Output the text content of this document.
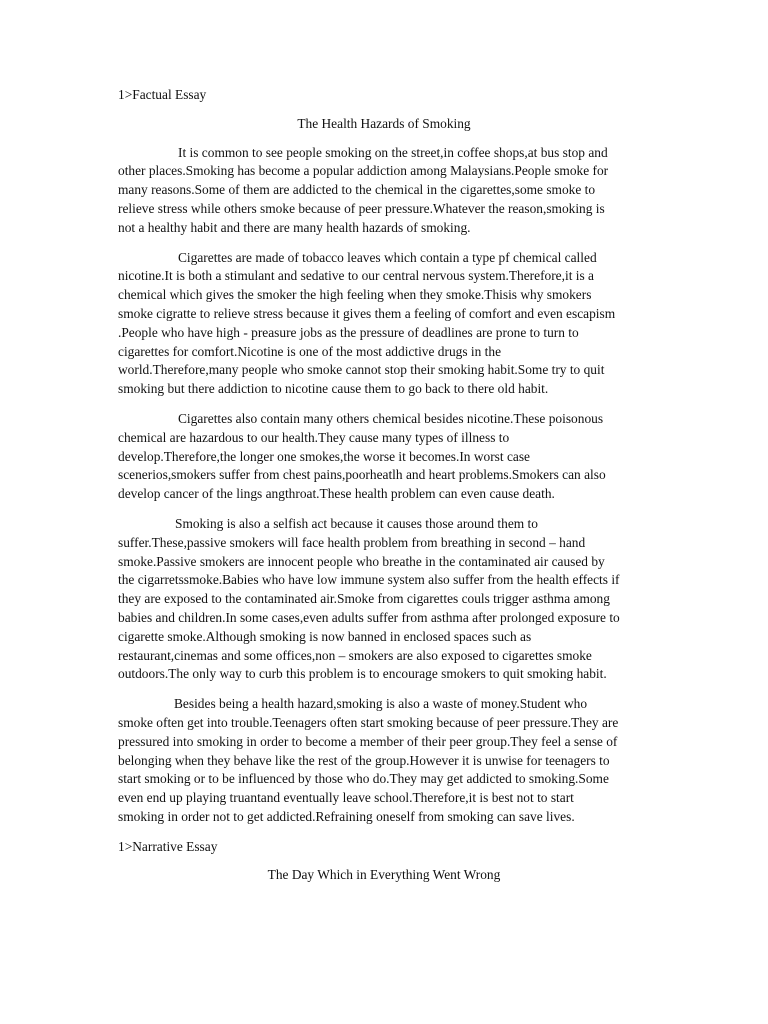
1>Factual Essay

The Health Hazards of Smoking

It is common to see people smoking on the street,in coffee shops,at bus stop and
other places.Smoking has become a popular addiction among Malaysians.People smoke for
many reasons.Some of them are addicted to the chemical in the cigarettes,some smoke to
relieve stress while others smoke because of peer pressure.Whatever the reason,smoking is
not a healthy habit and there are many health hazards of smoking.
Cigarettes are made of tobacco leaves which contain a type pf chemical called
nicotine.It is both a stimulant and sedative to our central nervous system.Therefore,it is a
chemical which gives the smoker the high feeling when they smoke.Thisis why smokers
smoke cigratte to relieve stress because it gives them a feeling of comfort and even escapism
.People who have high - preasure jobs as the pressure of deadlines are prone to turn to
cigarettes for comfort.Nicotine is one of the most addictive drugs in the
world.Therefore,many people who smoke cannot stop their smoking habit.Some try to quit
smoking but there addiction to nicotine cause them to go back to there old habit.
Cigarettes also contain many others chemical besides nicotine.These poisonous
chemical are hazardous to our health.They cause many types of illness to
develop.Therefore,the longer one smokes,the worse it becomes.In worst case
scenerios,smokers suffer from chest pains,poorheatlh and heart problems.Smokers can also
develop cancer of the lings angthroat.These health problem can even cause death.
Smoking is also a selfish act because it causes those around them to
suffer.These,passive smokers will face health problem from breathing in second – hand
smoke.Passive smokers are innocent people who breathe in the contaminated air caused by
the cigarretssmoke.Babies who have low immune system also suffer from the health effects if
they are exposed to the contaminated air.Smoke from cigarettes couls trigger asthma among
babies and children.In some cases,even adults suffer from asthma after prolonged exposure to
cigarette smoke.Although smoking is now banned in enclosed spaces such as
restaurant,cinemas and some offices,non – smokers are also exposed to cigarettes smoke
outdoors.The only way to curb this problem is to encourage smokers to quit smoking habit.
Besides being a health hazard,smoking is also a waste of money.Student who
smoke often get into trouble.Teenagers often start smoking because of peer pressure.They are
pressured into smoking in order to become a member of their peer group.They feel a sense of
belonging when they behave like the rest of the group.However it is unwise for teenagers to
start smoking or to be influenced by those who do.They may get addicted to smoking.Some
even end up playing truantand eventually leave school.Therefore,it is best not to start
smoking in order not to get addicted.Refraining oneself from smoking can save lives.

1>Narrative Essay

The Day Which in Everything Went Wrong
